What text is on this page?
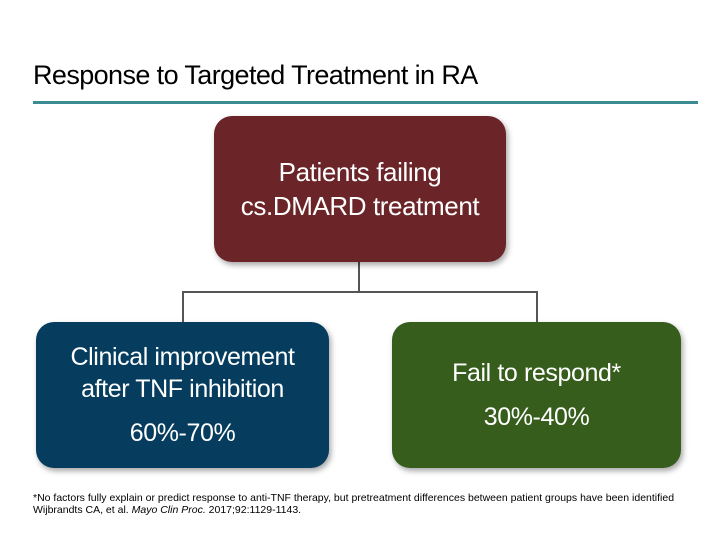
Response to Targeted Treatment in RA
Patients failing
cs.DMARD treatment
Clinical improvement
after TNF inhibition
60%-70%
Fail to respond*
30%-40%
*No factors fully explain or predict response to anti-TNF therapy, but pretreatment differences between patient groups have been identified
Wijbrandts CA, et al. Mayo Clin Proc. 2017;92:1129-1143.
